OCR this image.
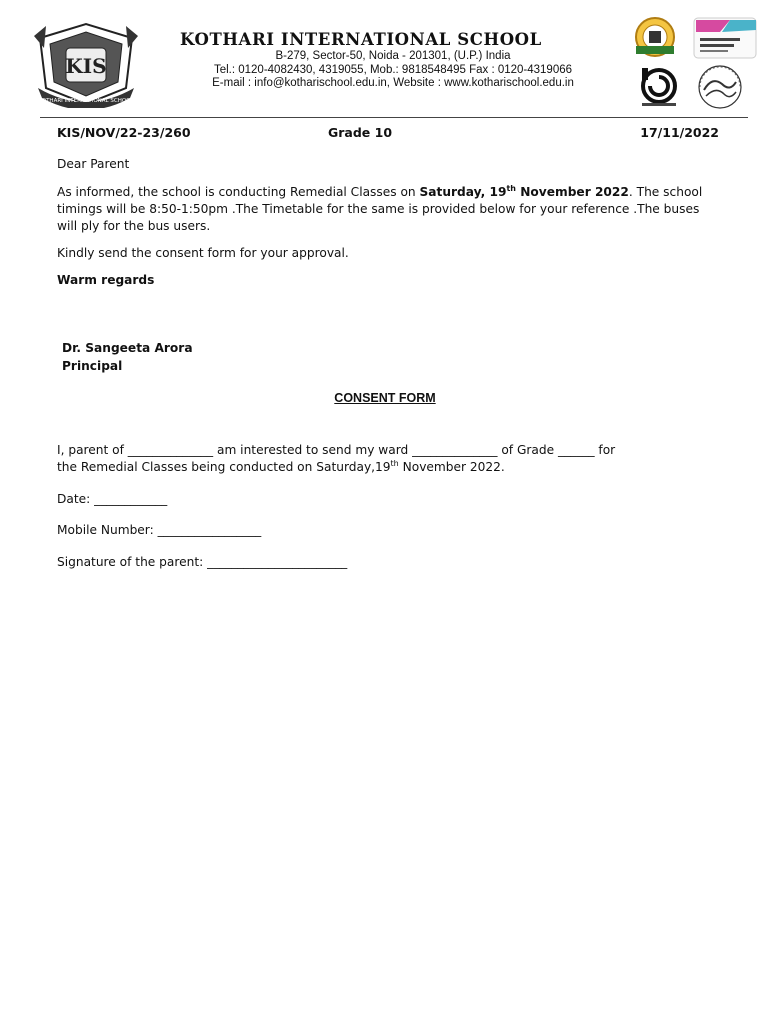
KIS
KOTHARI INTERNATIONAL SCHOOL
KOTHARI INTERNATIONAL SCHOOL
B-279, Sector-50, Noida - 201301, (U.P.) India
Tel.: 0120-4082430, 4319055, Mob.: 9818548495 Fax : 0120-4319066
E-mail : info@kotharischool.edu.in, Website : www.kotharischool.edu.in
KIS/NOV/22-23/260	Grade 10	17/11/2022
Dear Parent
As informed, the school is conducting Remedial Classes on Saturday, 19th November 2022. The school
timings will be 8:50-1:50pm .The Timetable for the same is provided below for your reference .The buses
will ply for the bus users.
Kindly send the consent form for your approval.
Warm regards
Dr. Sangeeta Arora
Principal
CONSENT FORM
I, parent of ______________ am interested to send my ward ______________ of Grade ______ for
the Remedial Classes being conducted on Saturday,19th November 2022.
Date: ____________
Mobile Number: _________________
Signature of the parent: _______________________
